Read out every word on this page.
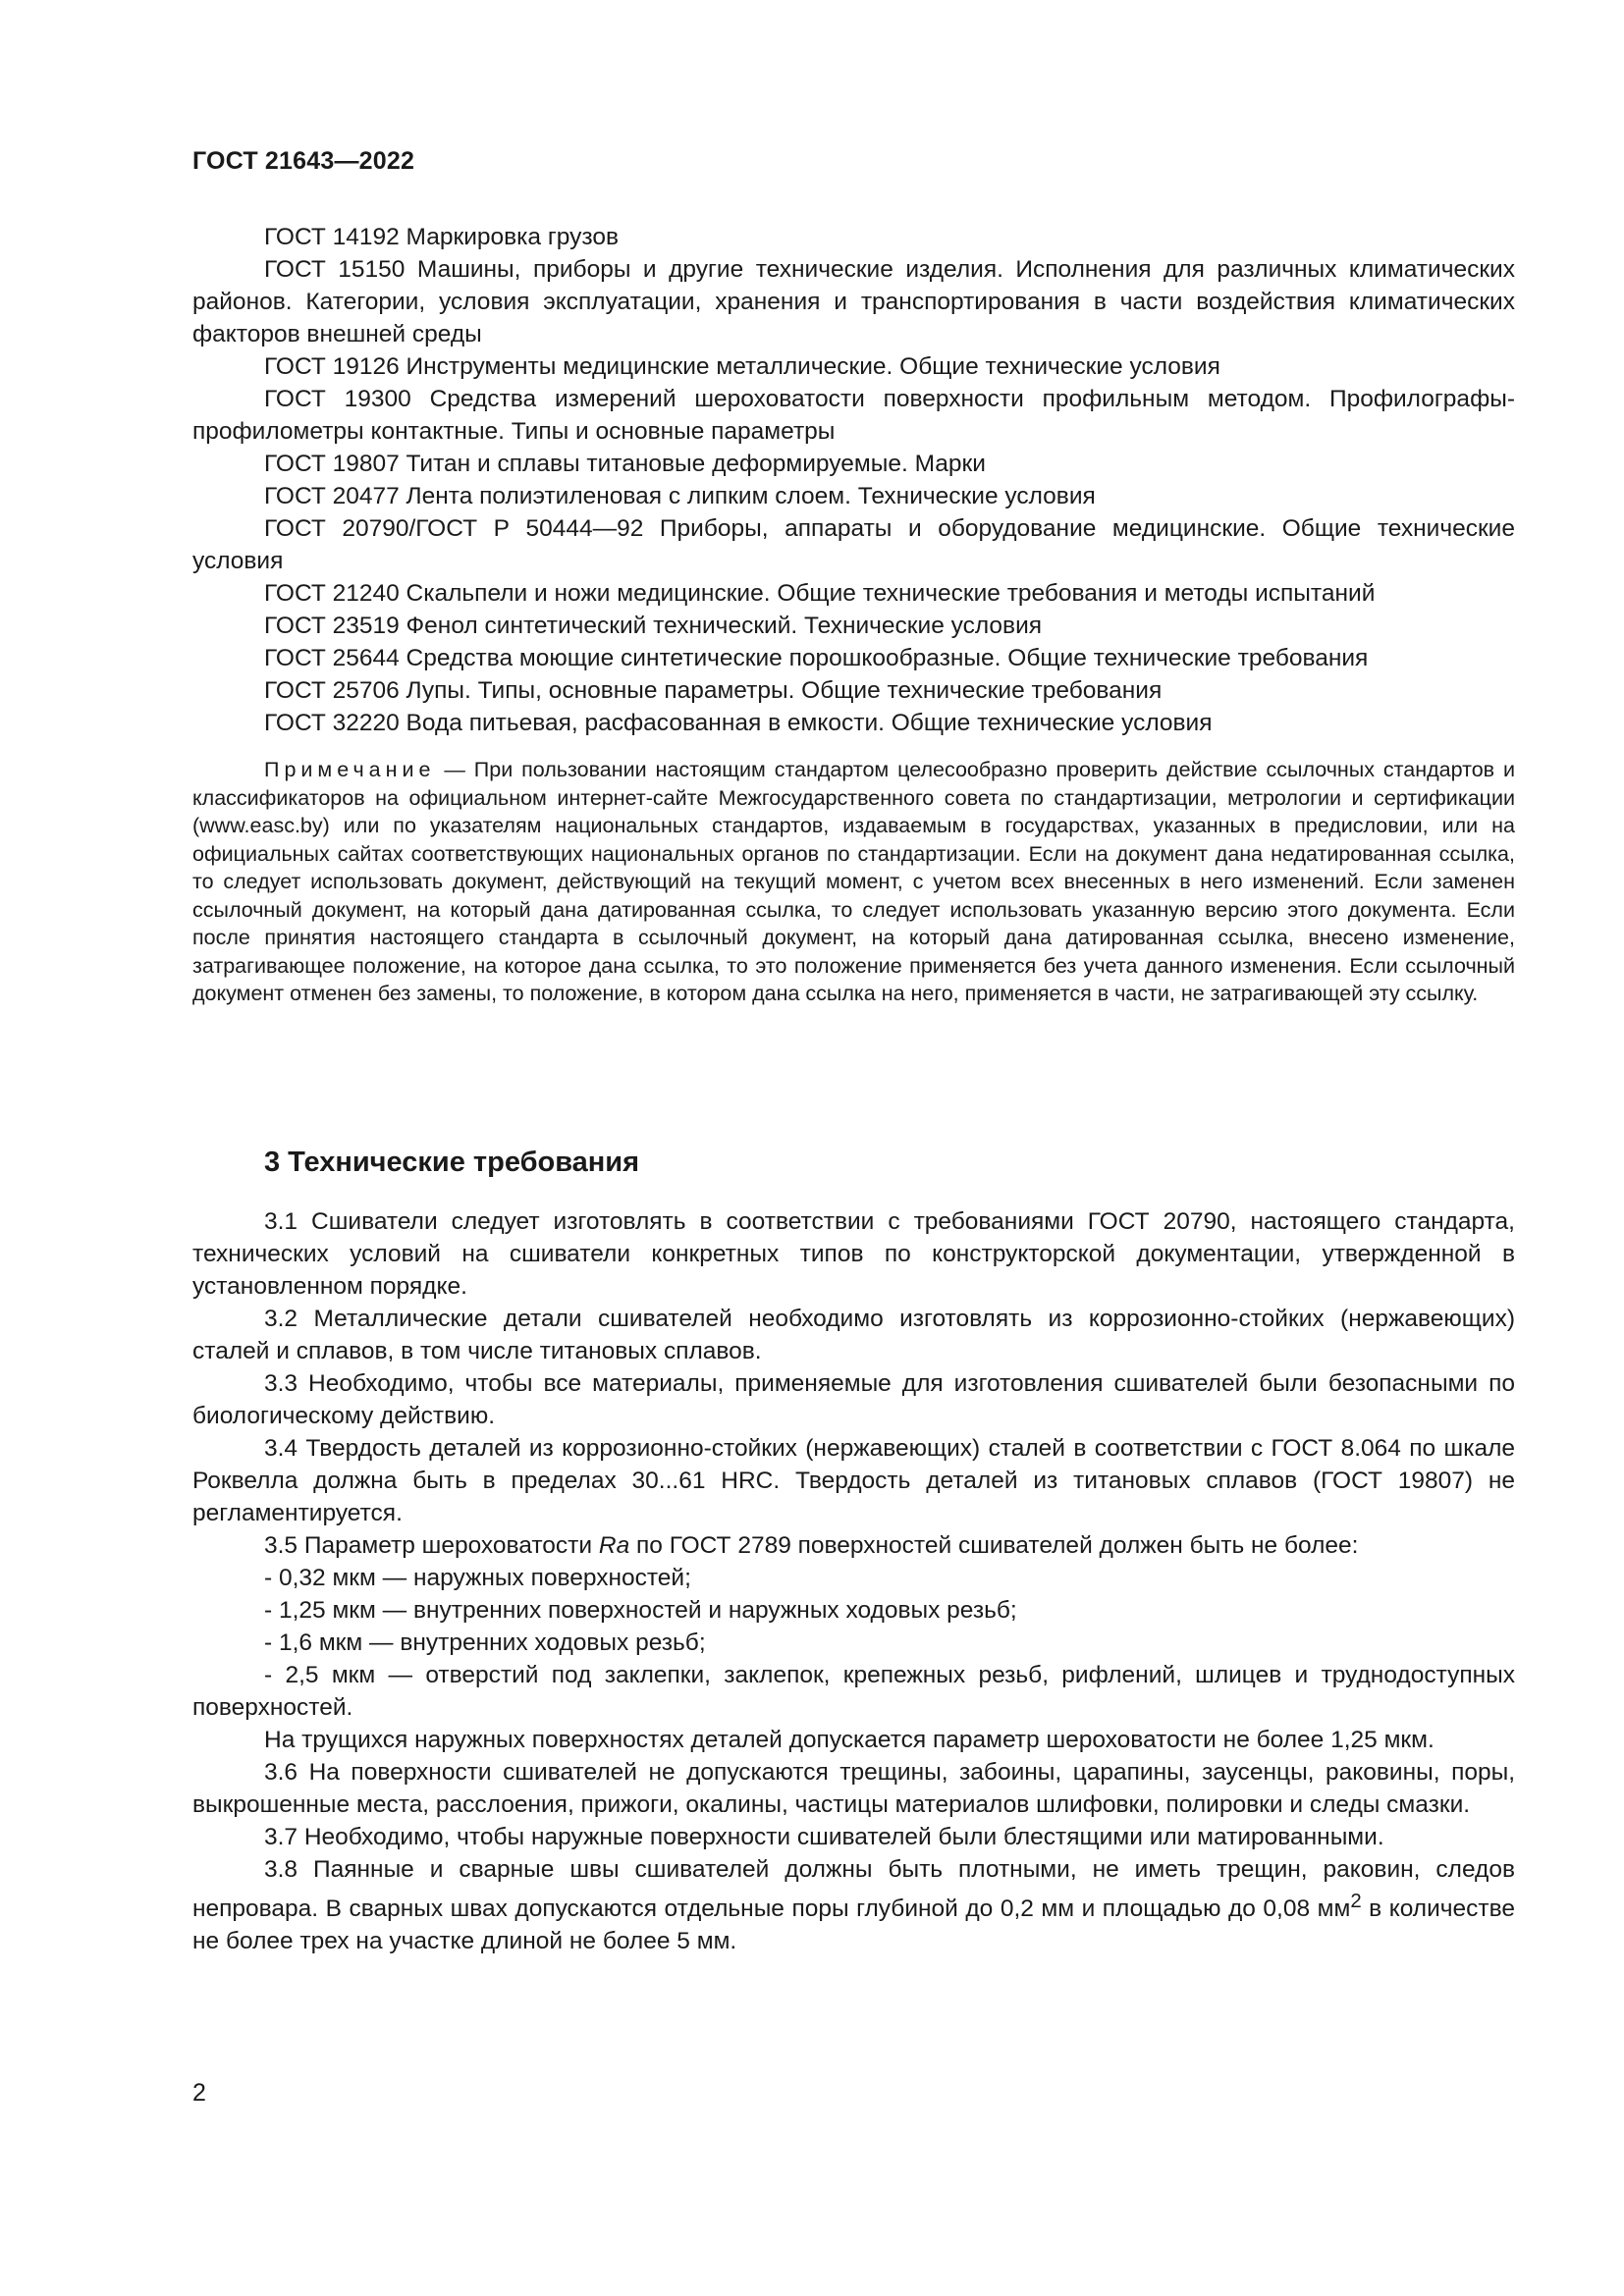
ГОСТ 21643—2022

ГОСТ 14192 Маркировка грузов

ГОСТ 15150 Машины, приборы и другие технические изделия. Исполнения для различных климатических районов. Категории, условия эксплуатации, хранения и транспортирования в части воздействия климатических факторов внешней среды

ГОСТ 19126 Инструменты медицинские металлические. Общие технические условия

ГОСТ 19300 Средства измерений шероховатости поверхности профильным методом. Профилографы-профилометры контактные. Типы и основные параметры

ГОСТ 19807 Титан и сплавы титановые деформируемые. Марки

ГОСТ 20477 Лента полиэтиленовая с липким слоем. Технические условия

ГОСТ 20790/ГОСТ Р 50444—92 Приборы, аппараты и оборудование медицинские. Общие технические условия

ГОСТ 21240 Скальпели и ножи медицинские. Общие технические требования и методы испытаний

ГОСТ 23519 Фенол синтетический технический. Технические условия

ГОСТ 25644 Средства моющие синтетические порошкообразные. Общие технические требования

ГОСТ 25706 Лупы. Типы, основные параметры. Общие технические требования

ГОСТ 32220 Вода питьевая, расфасованная в емкости. Общие технические условия

Примечание — При пользовании настоящим стандартом целесообразно проверить действие ссылочных стандартов и классификаторов на официальном интернет-сайте Межгосударственного совета по стандартизации, метрологии и сертификации (www.easc.by) или по указателям национальных стандартов, издаваемым в государствах, указанных в предисловии, или на официальных сайтах соответствующих национальных органов по стандартизации. Если на документ дана недатированная ссылка, то следует использовать документ, действующий на текущий момент, с учетом всех внесенных в него изменений. Если заменен ссылочный документ, на который дана датированная ссылка, то следует использовать указанную версию этого документа. Если после принятия настоящего стандарта в ссылочный документ, на который дана датированная ссылка, внесено изменение, затрагивающее положение, на которое дана ссылка, то это положение применяется без учета данного изменения. Если ссылочный документ отменен без замены, то положение, в котором дана ссылка на него, применяется в части, не затрагивающей эту ссылку.

3 Технические требования

3.1 Сшиватели следует изготовлять в соответствии с требованиями ГОСТ 20790, настоящего стандарта, технических условий на сшиватели конкретных типов по конструкторской документации, утвержденной в установленном порядке.

3.2 Металлические детали сшивателей необходимо изготовлять из коррозионно-стойких (нержавеющих) сталей и сплавов, в том числе титановых сплавов.

3.3 Необходимо, чтобы все материалы, применяемые для изготовления сшивателей были безопасными по биологическому действию.

3.4 Твердость деталей из коррозионно-стойких (нержавеющих) сталей в соответствии с ГОСТ 8.064 по шкале Роквелла должна быть в пределах 30...61 HRC. Твердость деталей из титановых сплавов (ГОСТ 19807) не регламентируется.

3.5 Параметр шероховатости Ra по ГОСТ 2789 поверхностей сшивателей должен быть не более:

- 0,32 мкм — наружных поверхностей;

- 1,25 мкм — внутренних поверхностей и наружных ходовых резьб;

- 1,6 мкм — внутренних ходовых резьб;

- 2,5 мкм — отверстий под заклепки, заклепок, крепежных резьб, рифлений, шлицев и труднодоступных поверхностей.

На трущихся наружных поверхностях деталей допускается параметр шероховатости не более 1,25 мкм.

3.6 На поверхности сшивателей не допускаются трещины, забоины, царапины, заусенцы, раковины, поры, выкрошенные места, расслоения, прижоги, окалины, частицы материалов шлифовки, полировки и следы смазки.

3.7 Необходимо, чтобы наружные поверхности сшивателей были блестящими или матированными.

3.8 Паянные и сварные швы сшивателей должны быть плотными, не иметь трещин, раковин, следов непровара. В сварных швах допускаются отдельные поры глубиной до 0,2 мм и площадью до 0,08 $мм^2$ в количестве не более трех на участке длиной не более 5 мм.

2
